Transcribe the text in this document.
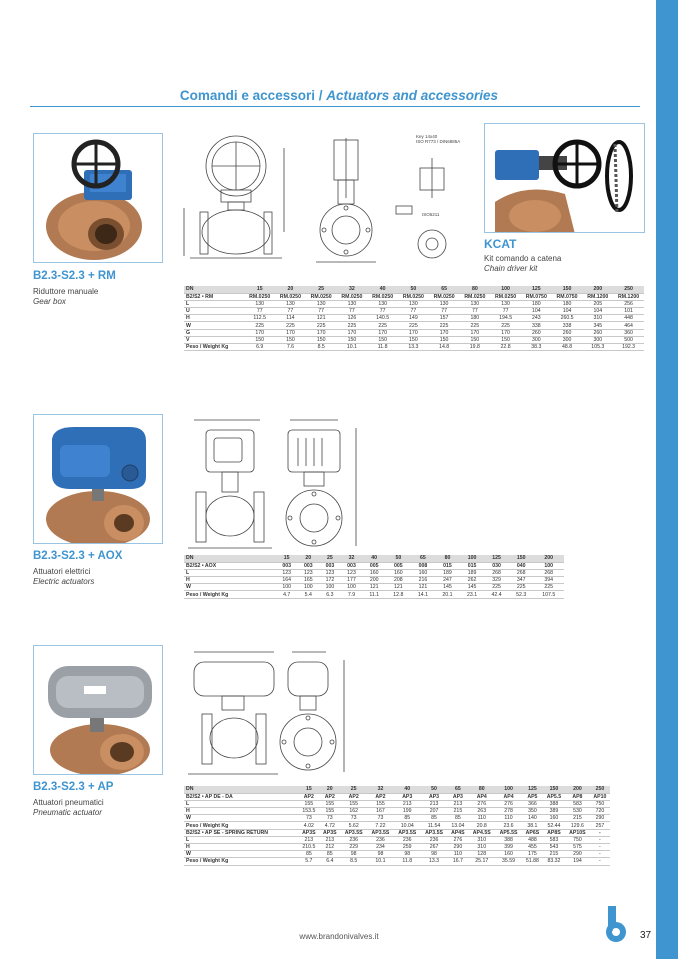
Comandi e accessori / Actuators and accessories
B2.3-S2.3 + RM
Riduttore manuale
Gear box
Key 14x40
ISO R773 / DIN6885A
ISO5211
KCAT
Kit comando a catena
Chain driver kit
DN	15	20	25	32	40	50	65	80	100	125	150	200	250
B2/S2 • RM	RM.0250	RM.0250	RM.0250	RM.0250	RM.0250	RM.0250	RM.0250	RM.0250	RM.0250	RM.0750	RM.0750	RM.1200	RM.1200
L	130	130	130	130	130	130	130	130	130	180	180	205	256
U	77	77	77	77	77	77	77	77	77	104	104	104	101
H	112.5	114	121	126	140.5	149	157	180	194.5	243	260.5	310	448
W	225	225	225	225	225	225	225	225	225	338	338	345	464
G	170	170	170	170	170	170	170	170	170	260	260	260	360
V	150	150	150	150	150	150	150	150	150	300	300	300	500
Peso / Weight Kg	6.9	7.6	8.5	10.1	11.8	13.3	14.8	19.8	22.8	38.3	48.8	105.3	192.3
B2.3-S2.3 + AOX
Attuatori elettrici
Electric actuators
DN	15	20	25	32	40	50	65	80	100	125	150	200
B2/S2 • AOX	003	003	003	003	005	005	008	015	015	030	040	100
L	123	123	123	123	160	160	160	189	189	268	268	268
H	164	165	172	177	200	208	216	247	262	329	347	394
W	100	100	100	100	121	121	121	145	145	225	225	225
Peso / Weight Kg	4.7	5.4	6.3	7.9	11.1	12.8	14.1	20.1	23.1	42.4	52.3	107.5
B2.3-S2.3 + AP
Attuatori pneumatici
Pneumatic actuator
DN	15	20	25	32	40	50	65	80	100	125	150	200	250
B2/S2 • AP DE - DA	AP2	AP2	AP2	AP2	AP3	AP3	AP3	AP4	AP4	AP5	AP5.5	AP8	AP10
L	155	155	155	155	213	213	213	276	276	366	388	583	750
H	153.5	155	162	167	199	207	215	263	278	350	389	530	720
W	73	73	73	73	85	85	85	110	110	140	160	215	290
Peso / Weight Kg	4.02	4.72	5.62	7.22	10.04	11.54	13.04	20.8	23.6	38.1	52.44	129.6	257
B2/S2 • AP SE - SPRING RETURN	AP3S	AP3S	AP3.5S	AP3.5S	AP3.5S	AP3.5S	AP4S	AP4.5S	AP5.5S	AP6S	AP8S	AP10S	-
L	213	213	236	236	236	236	276	310	388	488	583	750	-
H	210.5	212	229	234	259	267	290	310	399	455	543	575	-
W	85	85	98	98	98	98	110	128	160	175	215	290	-
Peso / Weight Kg	5.7	6.4	8.5	10.1	11.8	13.3	16.7	25.17	35.59	51.88	83.32	194	-
www.brandonivalves.it
VALVES
37
